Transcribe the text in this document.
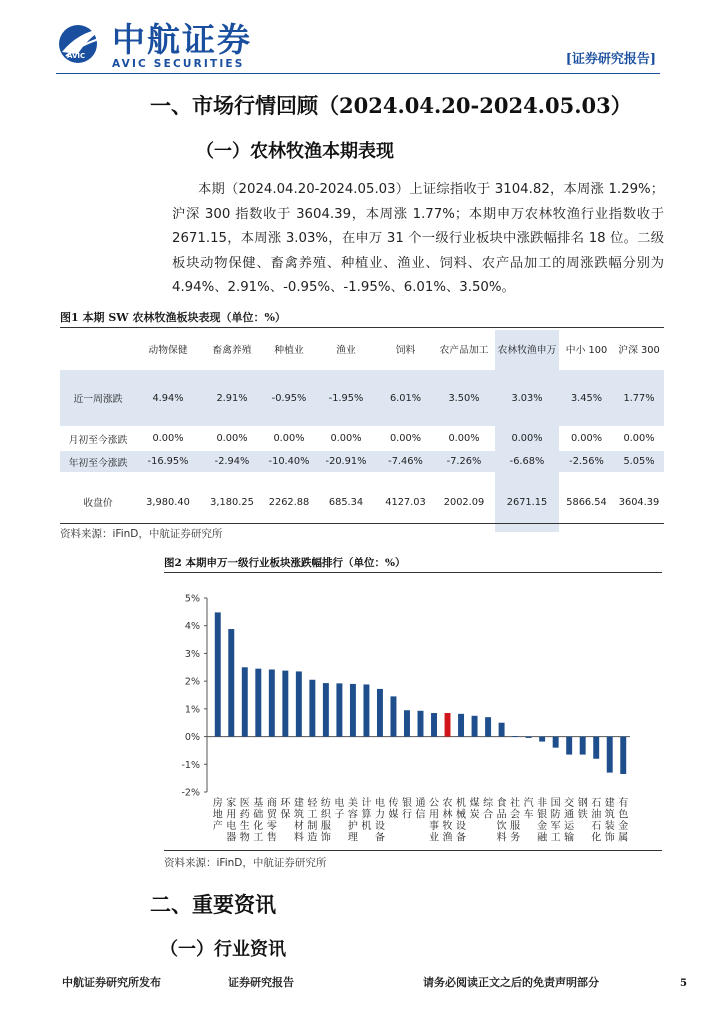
AVIC 中航证券
AVIC SECURITIES	[证券研究报告]
一、市场行情回顾（2024.04.20-2024.05.03）
（一）农林牧渔本期表现
本期（2024.04.20-2024.05.03）上证综指收于 3104.82，本周涨 1.29%；沪深 300 指数收于 3604.39，本周涨 1.77%；本期申万农林牧渔行业指数收于 2671.15，本周涨 3.03%，在申万 31 个一级行业板块中涨跌幅排名 18 位。二级板块动物保健、畜禽养殖、种植业、渔业、饲料、农产品加工的周涨跌幅分别为 4.94%、2.91%、-0.95%、-1.95%、6.01%、3.50%。
图1 本期 SW 农林牧渔板块表现（单位：%）
	动物保健	畜禽养殖	种植业	渔业	饲料	农产品加工	农林牧渔申万	中小 100	沪深 300
近一周涨跌	4.94%	2.91%	-0.95%	-1.95%	6.01%	3.50%	3.03%	3.45%	1.77%
月初至今涨跌	0.00%	0.00%	0.00%	0.00%	0.00%	0.00%	0.00%	0.00%	0.00%
年初至今涨跌	-16.95%	-2.94%	-10.40%	-20.91%	-7.46%	-7.26%	-6.68%	-2.56%	5.05%
收盘价	3,980.40	3,180.25	2262.88	685.34	4127.03	2002.09	2671.15	5866.54	3604.39
资料来源：iFinD，中航证券研究所
图2 本期申万一级行业板块涨跌幅排行（单位：%）
5%
4%
3%
2%
1%
0%
-1%
-2%
房地产
家用电器
医药生物
基础化工
商贸零售
环保
建筑材料
轻工制造
纺织服饰
电子
美容护理
计算机
电力设备
传媒
银行
通信
公用事业
农林牧渔
机械设备
煤炭
综合
食品饮料
社会服务
汽车
非银金融
国防军工
交通运输
钢铁
石油石化
建筑装饰
有色金属
资料来源：iFinD，中航证券研究所
二、重要资讯
（一）行业资讯
中航证券研究所发布	证券研究报告	请务必阅读正文之后的免责声明部分	5
